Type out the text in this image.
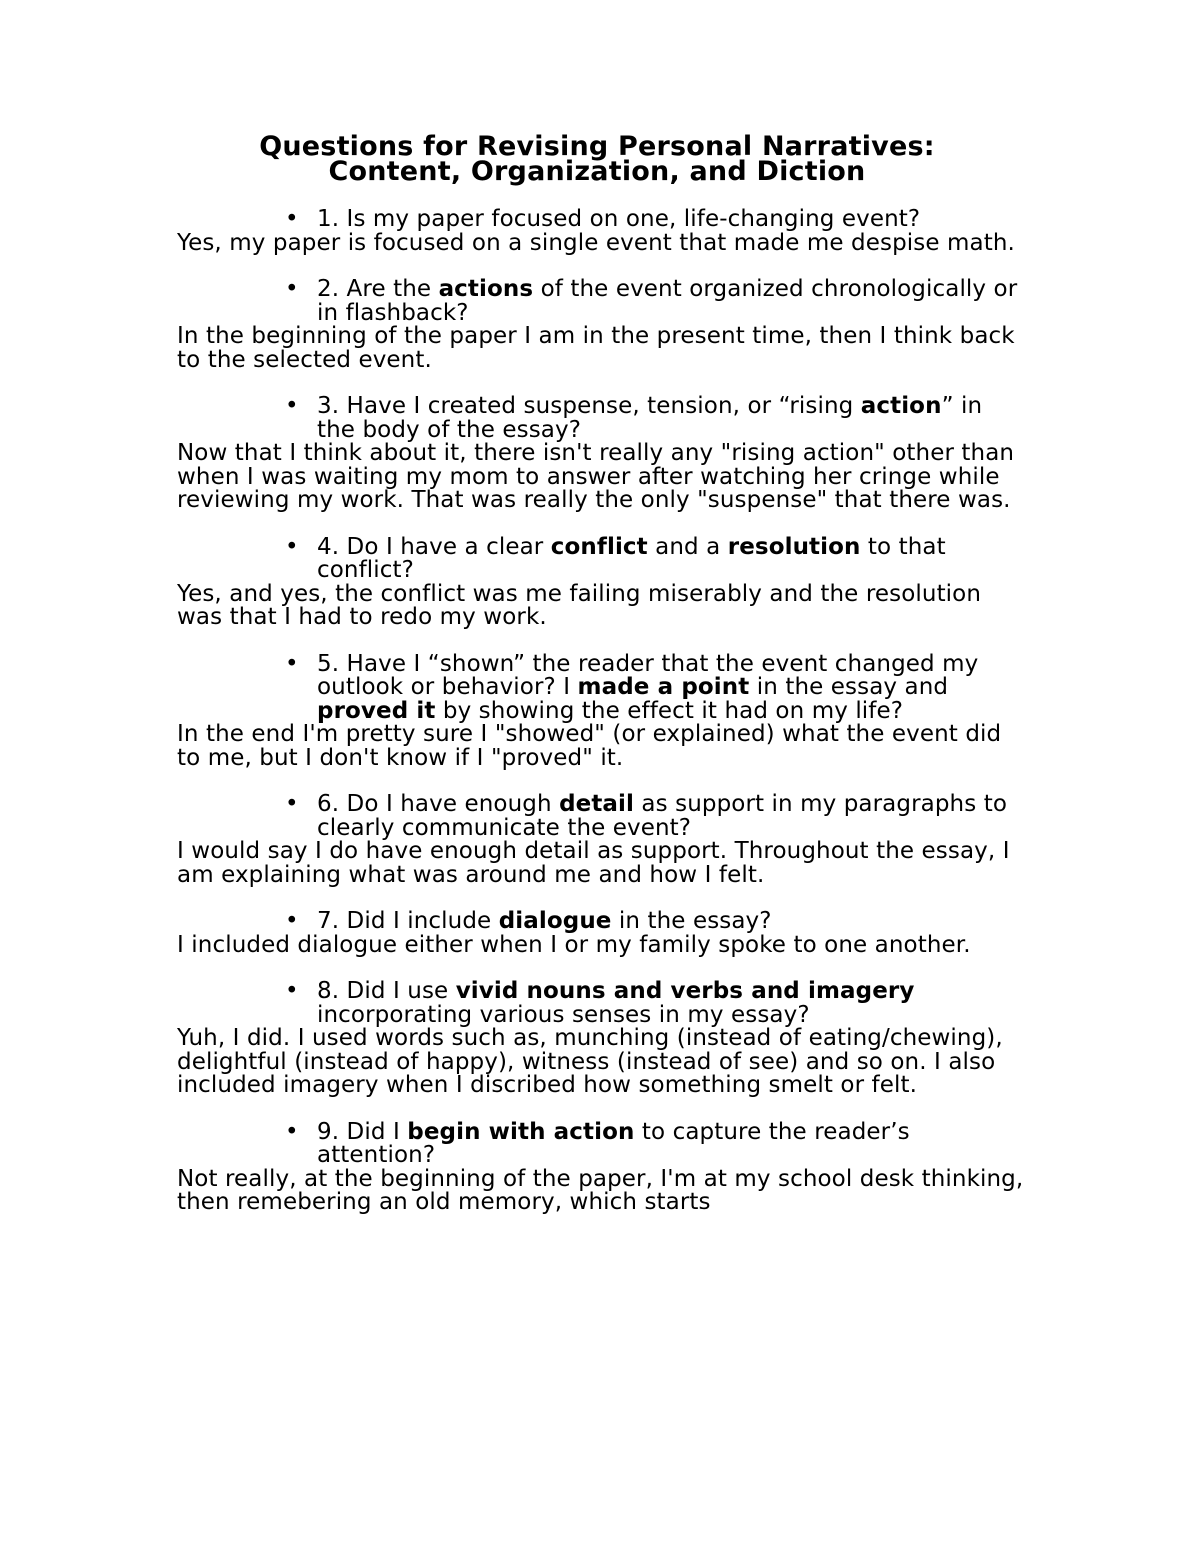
Questions for Revising Personal Narratives:
Content, Organization, and Diction
• 1. Is my paper focused on one, life-changing event?
Yes, my paper is focused on a single event that made me despise math.
• 2. Are the actions of the event organized chronologically or in flashback?
In the beginning of the paper I am in the present time, then I think back to the selected event.
• 3. Have I created suspense, tension, or “rising action” in the body of the essay?
Now that I think about it, there isn't really any "rising action" other than when I was waiting my mom to answer after watching her cringe while reviewing my work. That was really the only "suspense" that there was.
• 4. Do I have a clear conflict and a resolution to that conflict?
Yes, and yes, the conflict was me failing miserably and the resolution was that I had to redo my work.
• 5. Have I “shown” the reader that the event changed my outlook or behavior? I made a point in the essay and proved it by showing the effect it had on my life?
In the end I'm pretty sure I "showed" (or explained) what the event did to me, but I don't know if I "proved" it.
• 6. Do I have enough detail as support in my paragraphs to clearly communicate the event?
I would say I do have enough detail as support. Throughout the essay, I am explaining what was around me and how I felt.
• 7. Did I include dialogue in the essay?
I included dialogue either when I or my family spoke to one another.
• 8. Did I use vivid nouns and verbs and imagery incorporating various senses in my essay?
Yuh, I did. I used words such as, munching (instead of eating/chewing), delightful (instead of happy), witness (instead of see) and so on. I also included imagery when I discribed how something smelt or felt.
• 9. Did I begin with action to capture the reader’s attention?
Not really, at the beginning of the paper, I'm at my school desk thinking, then remebering an old memory, which starts
